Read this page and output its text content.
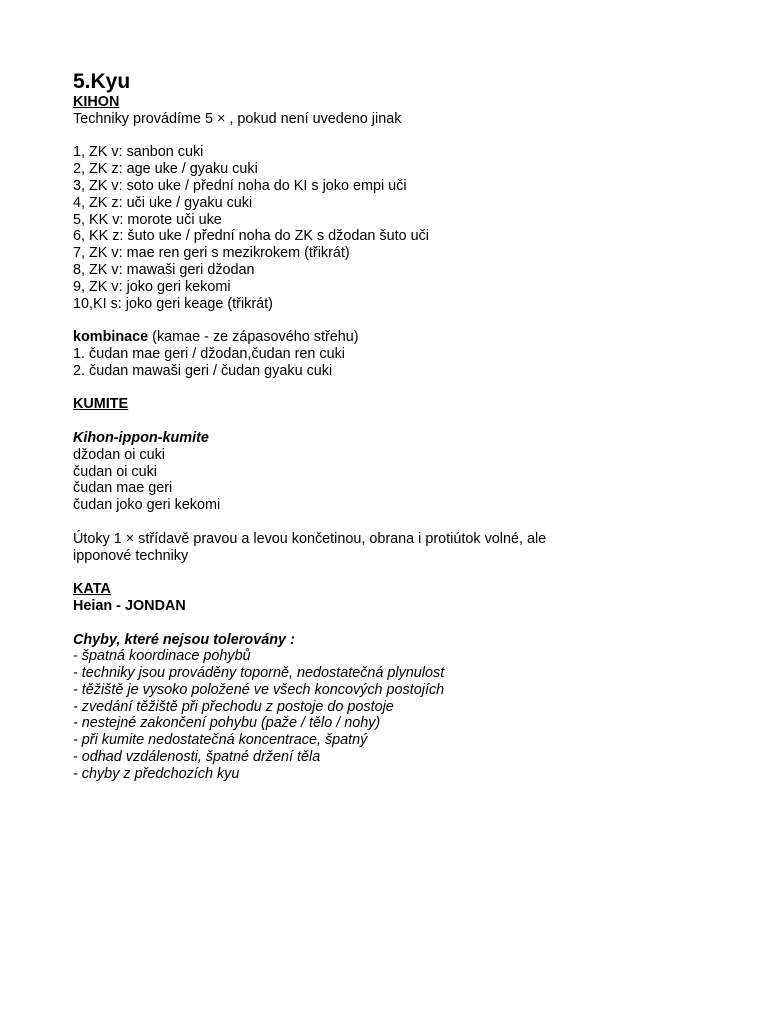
5.Kyu
KIHON
Techniky provádíme 5 × , pokud není uvedeno jinak
1, ZK v: sanbon cuki
2, ZK z: age uke / gyaku cuki
3, ZK v: soto uke / přední noha do KI s joko empi uči
4, ZK z: uči uke / gyaku cuki
5, KK v: morote uči uke
6, KK z: šuto uke / přední noha do ZK s džodan šuto uči
7, ZK v: mae ren geri s mezikrokem (třikrát)
8, ZK v: mawaši geri džodan
9, ZK v: joko geri kekomi
10,KI s: joko geri keage (třikrát)
kombinace (kamae - ze zápasového střehu)
1. čudan mae geri / džodan,čudan ren cuki
2. čudan mawaši geri / čudan gyaku cuki
KUMITE
Kihon-ippon-kumite
džodan oi cuki
čudan oi cuki
čudan mae geri
čudan joko geri kekomi
Útoky 1 × střídavě pravou a levou končetinou, obrana i protiútok volné, ale
ipponové techniky
KATA
Heian - JONDAN
Chyby, které nejsou tolerovány :
- špatná koordinace pohybů
- techniky jsou prováděny toporně, nedostatečná plynulost
- těžiště je vysoko položené ve všech koncových postojích
- zvedání těžiště při přechodu z postoje do postoje
- nestejné zakončení pohybu (paže / tělo / nohy)
- při kumite nedostatečná koncentrace, špatný
- odhad vzdálenosti, špatné držení těla
- chyby z předchozích kyu
